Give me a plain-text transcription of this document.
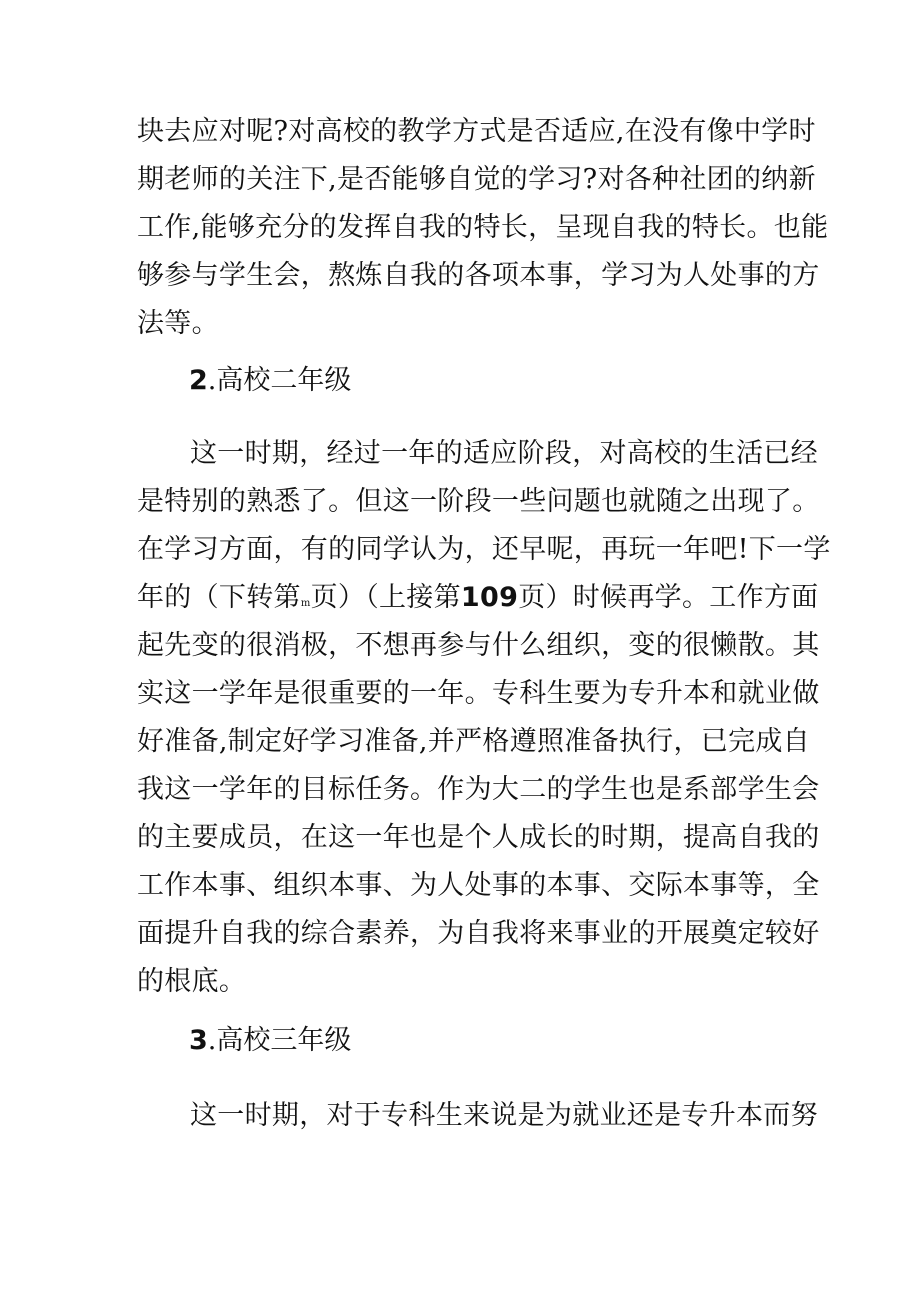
块去应对呢?对高校的教学方式是否适应,在没有像中学时
期老师的关注下,是否能够自觉的学习?对各种社团的纳新
工作,能够充分的发挥自我的特长，呈现自我的特长。也能
够参与学生会，熬炼自我的各项本事，学习为人处事的方
法等。
2.高校二年级
这一时期，经过一年的适应阶段，对高校的生活已经
是特别的熟悉了。但这一阶段一些问题也就随之出现了。
在学习方面，有的同学认为，还早呢，再玩一年吧!下一学
年的（下转第m页）（上接第109页）时候再学。工作方面
起先变的很消极，不想再参与什么组织，变的很懒散。其
实这一学年是很重要的一年。专科生要为专升本和就业做
好准备,制定好学习准备,并严格遵照准备执行，已完成自
我这一学年的目标任务。作为大二的学生也是系部学生会
的主要成员，在这一年也是个人成长的时期，提高自我的
工作本事、组织本事、为人处事的本事、交际本事等，全
面提升自我的综合素养，为自我将来事业的开展奠定较好
的根底。
3.高校三年级
这一时期，对于专科生来说是为就业还是专升本而努
